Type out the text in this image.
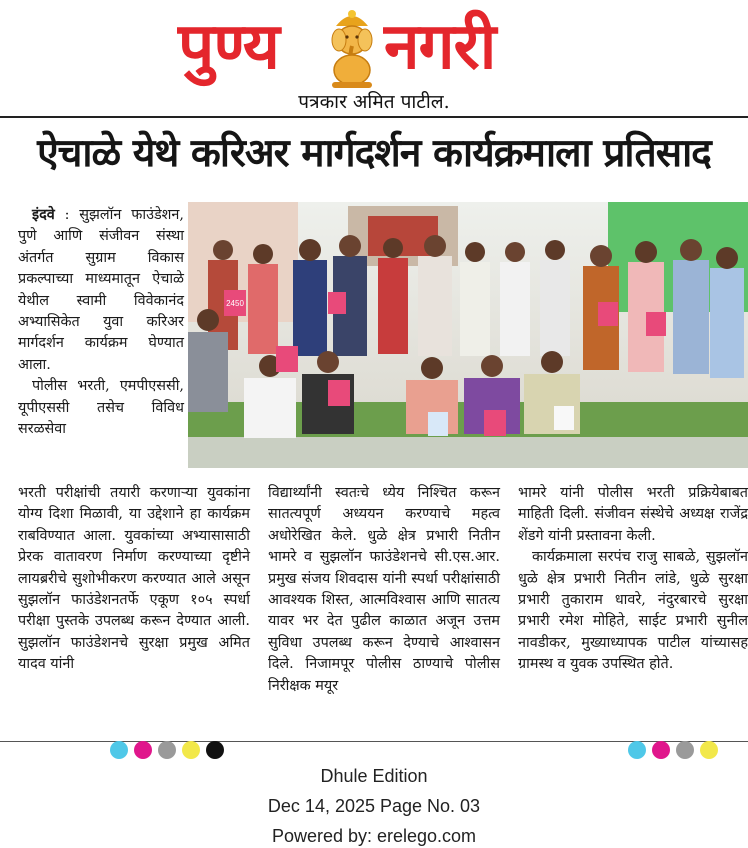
पुण्य नगरी
पत्रकार अमित पाटील.
ऐचाळे येथे करिअर मार्गदर्शन कार्यक्रमाला प्रतिसाद

इंदवे : सुझलॉन फाउंडेशन, पुणे आणि संजीवन संस्था अंतर्गत सुग्राम विकास प्रकल्पाच्या माध्यमातून ऐचाळे येथील स्वामी विवेकानंद अभ्यासिकेत युवा करिअर मार्गदर्शन कार्यक्रम घेण्यात आला.

पोलीस भरती, एमपीएससी, यूपीएससी तसेच विविध सरळसेवा

2450

भरती परीक्षांची तयारी करणाऱ्या युवकांना योग्य दिशा मिळावी, या उद्देशाने हा कार्यक्रम राबविण्यात आला. युवकांच्या अभ्यासासाठी प्रेरक वातावरण निर्माण करण्याच्या दृष्टीने लायब्ररीचे सुशोभीकरण करण्यात आले असून सुझलॉन फाउंडेशनतर्फे एकूण १०५ स्पर्धा परीक्षा पुस्तके उपलब्ध करून देण्यात आली. सुझलॉन फाउंडेशनचे सुरक्षा प्रमुख अमित यादव यांनी

विद्यार्थ्यांनी स्वतःचे ध्येय निश्चित करून सातत्यपूर्ण अध्ययन करण्याचे महत्व अधोरेखित केले. धुळे क्षेत्र प्रभारी नितीन भामरे व सुझलॉन फाउंडेशनचे सी.एस.आर. प्रमुख संजय शिवदास यांनी स्पर्धा परीक्षांसाठी आवश्यक शिस्त, आत्मविश्वास आणि सातत्य यावर भर देत पुढील काळात अजून उत्तम सुविधा उपलब्ध करून देण्याचे आश्वासन दिले. निजामपूर पोलीस ठाण्याचे पोलीस निरीक्षक मयूर

भामरे यांनी पोलीस भरती प्रक्रियेबाबत माहिती दिली. संजीवन संस्थेचे अध्यक्ष राजेंद्र शेंडगे यांनी प्रस्तावना केली.

कार्यक्रमाला सरपंच राजु साबळे, सुझलॉन धुळे क्षेत्र प्रभारी नितीन लांडे, धुळे सुरक्षा प्रभारी तुकाराम धावरे, नंदुरबारचे सुरक्षा प्रभारी रमेश मोहिते, साईट प्रभारी सुनील नावडीकर, मुख्याध्यापक पाटील यांच्यासह ग्रामस्थ व युवक उपस्थित होते.

Dhule Edition
Dec 14, 2025 Page No. 03
Powered by: erelego.com
